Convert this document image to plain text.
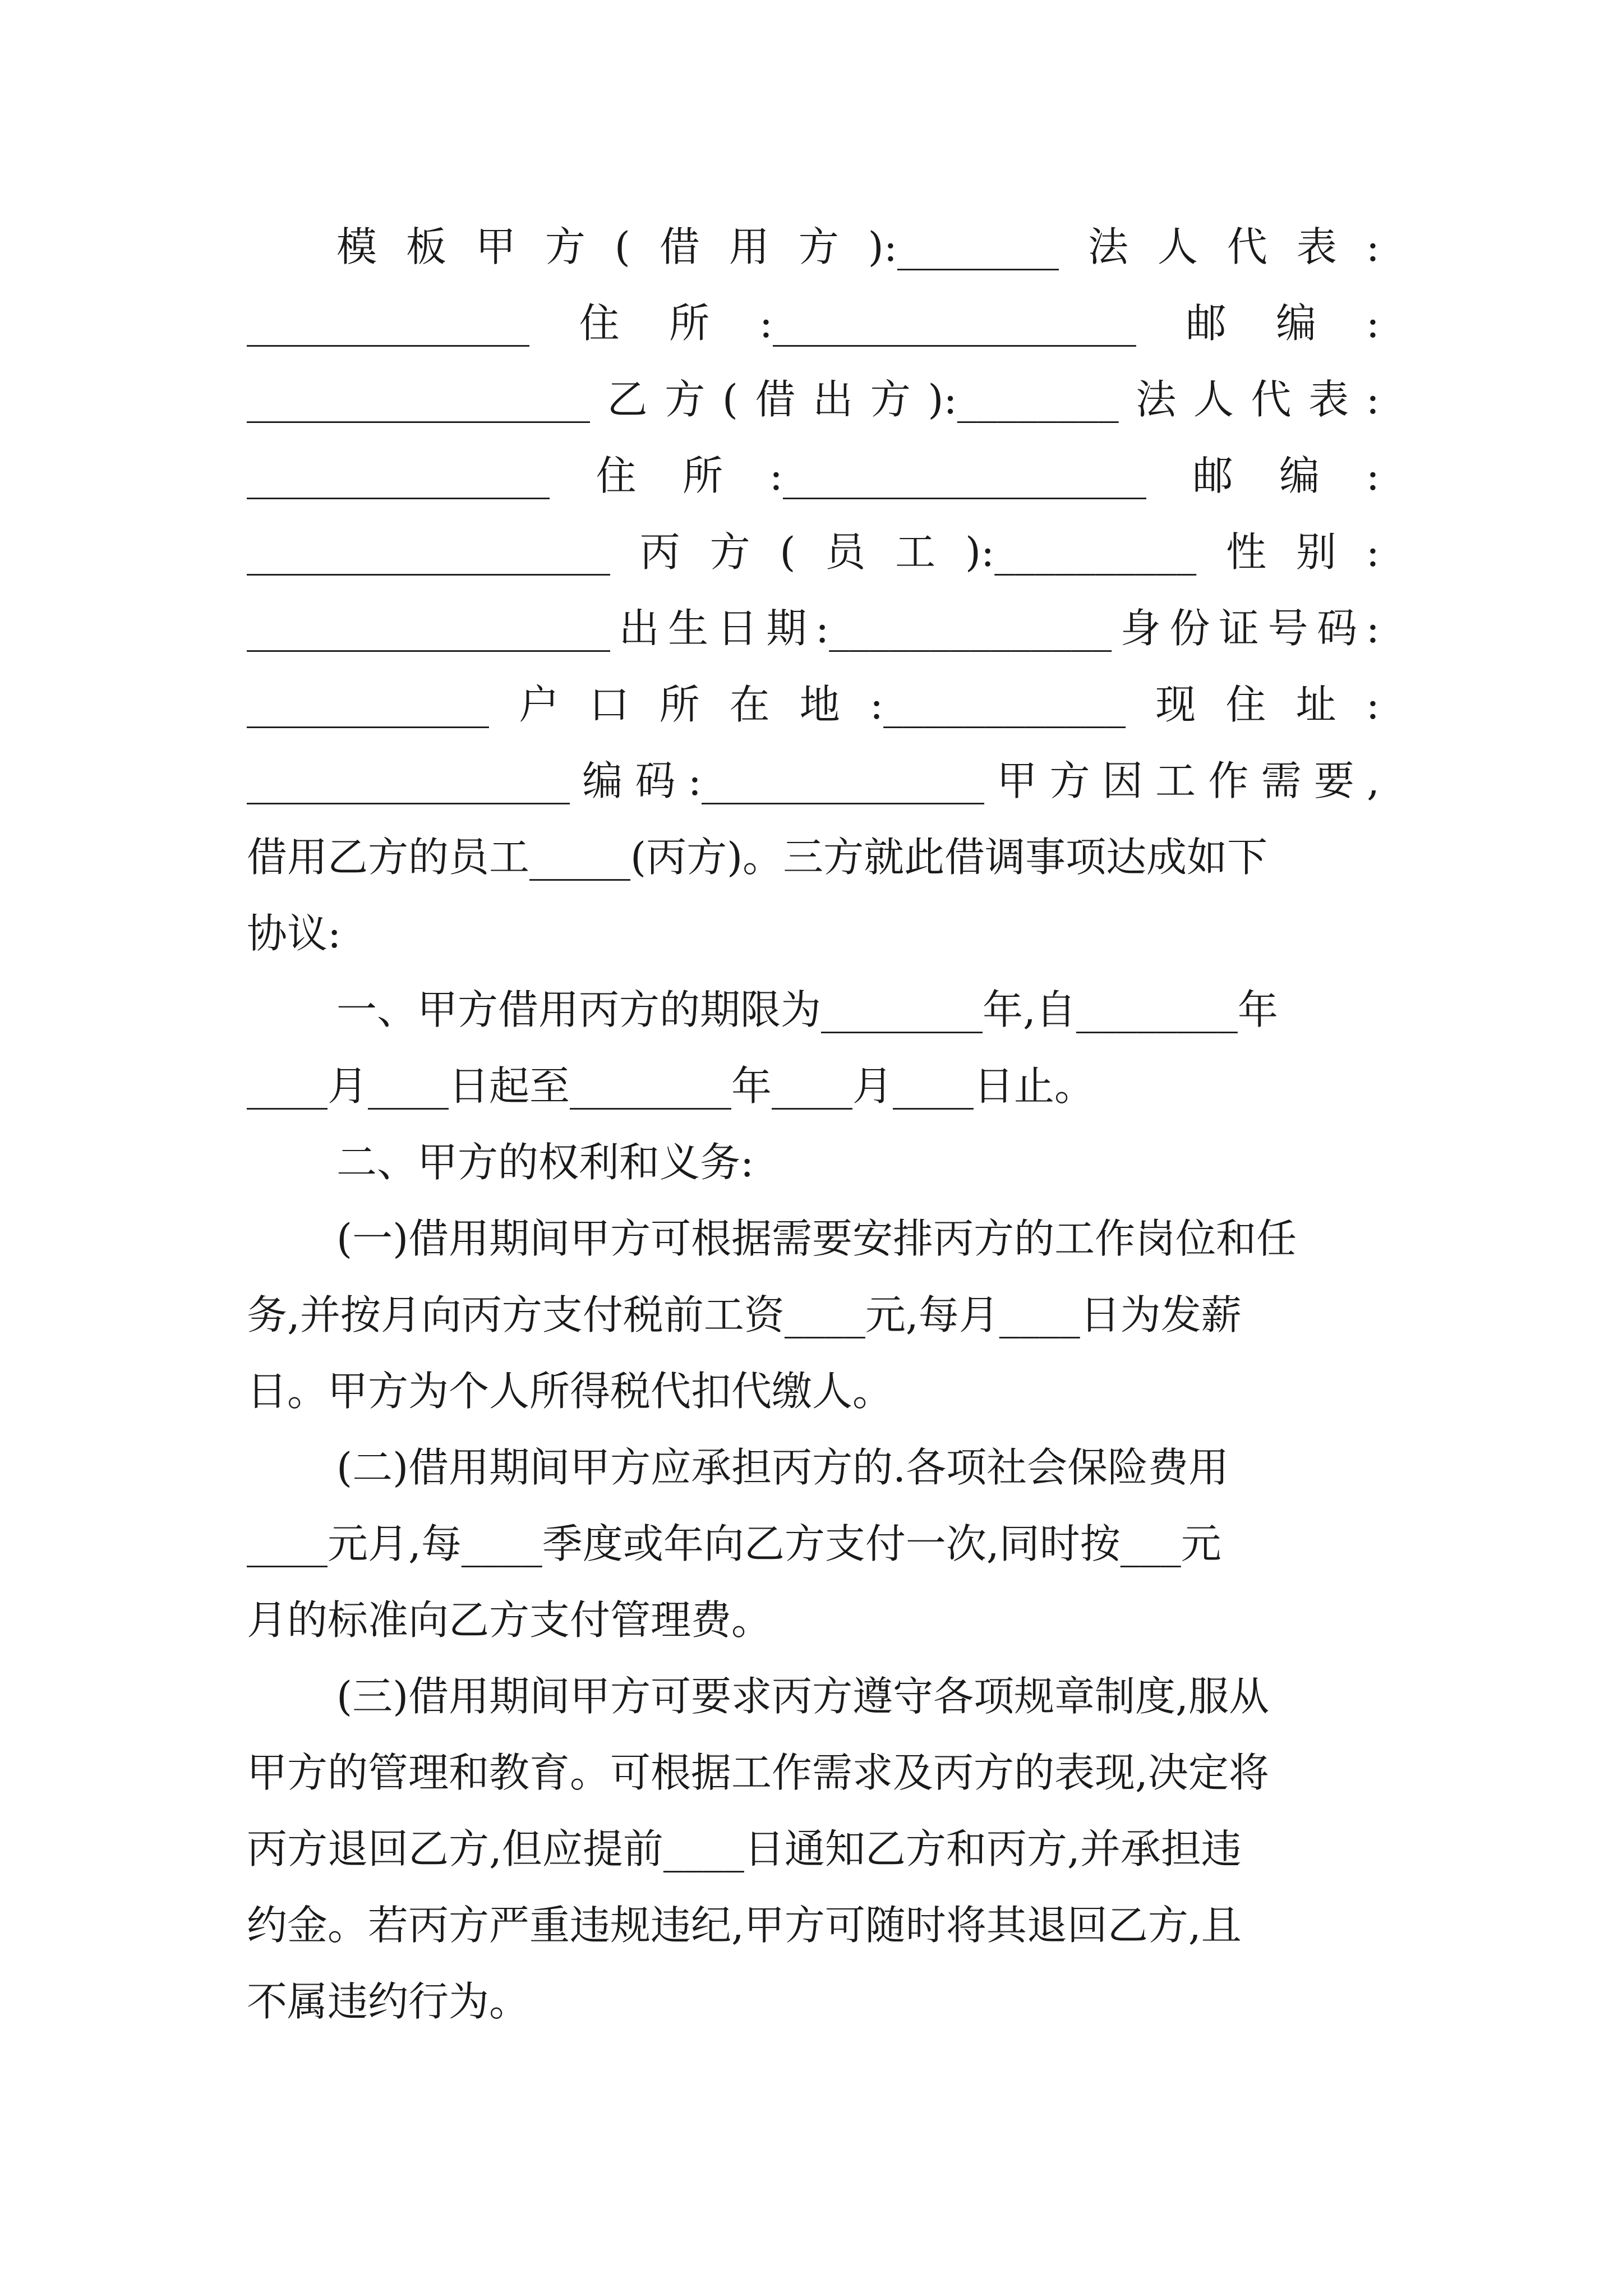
模板甲方(借用方):________法人代表:
______________住所:__________________邮编:
_________________乙方(借出方):________法人代表:
_______________住所:__________________邮编:
__________________丙方(员工):__________性别:
__________________出生日期:______________身份证号码:
____________户口所在地:____________现住址:
________________编码:______________甲方因工作需要,
借用乙方的员工_____(丙方)。三方就此借调事项达成如下
协议:
一、甲方借用丙方的期限为________年,自________年
____月____日起至________年____月____日止。
二、甲方的权利和义务:
(一)借用期间甲方可根据需要安排丙方的工作岗位和任
务,并按月向丙方支付税前工资____元,每月____日为发薪
日。甲方为个人所得税代扣代缴人。
(二)借用期间甲方应承担丙方的.各项社会保险费用
____元月,每____季度或年向乙方支付一次,同时按___元
月的标准向乙方支付管理费。
(三)借用期间甲方可要求丙方遵守各项规章制度,服从
甲方的管理和教育。可根据工作需求及丙方的表现,决定将
丙方退回乙方,但应提前____日通知乙方和丙方,并承担违
约金。若丙方严重违规违纪,甲方可随时将其退回乙方,且
不属违约行为。
